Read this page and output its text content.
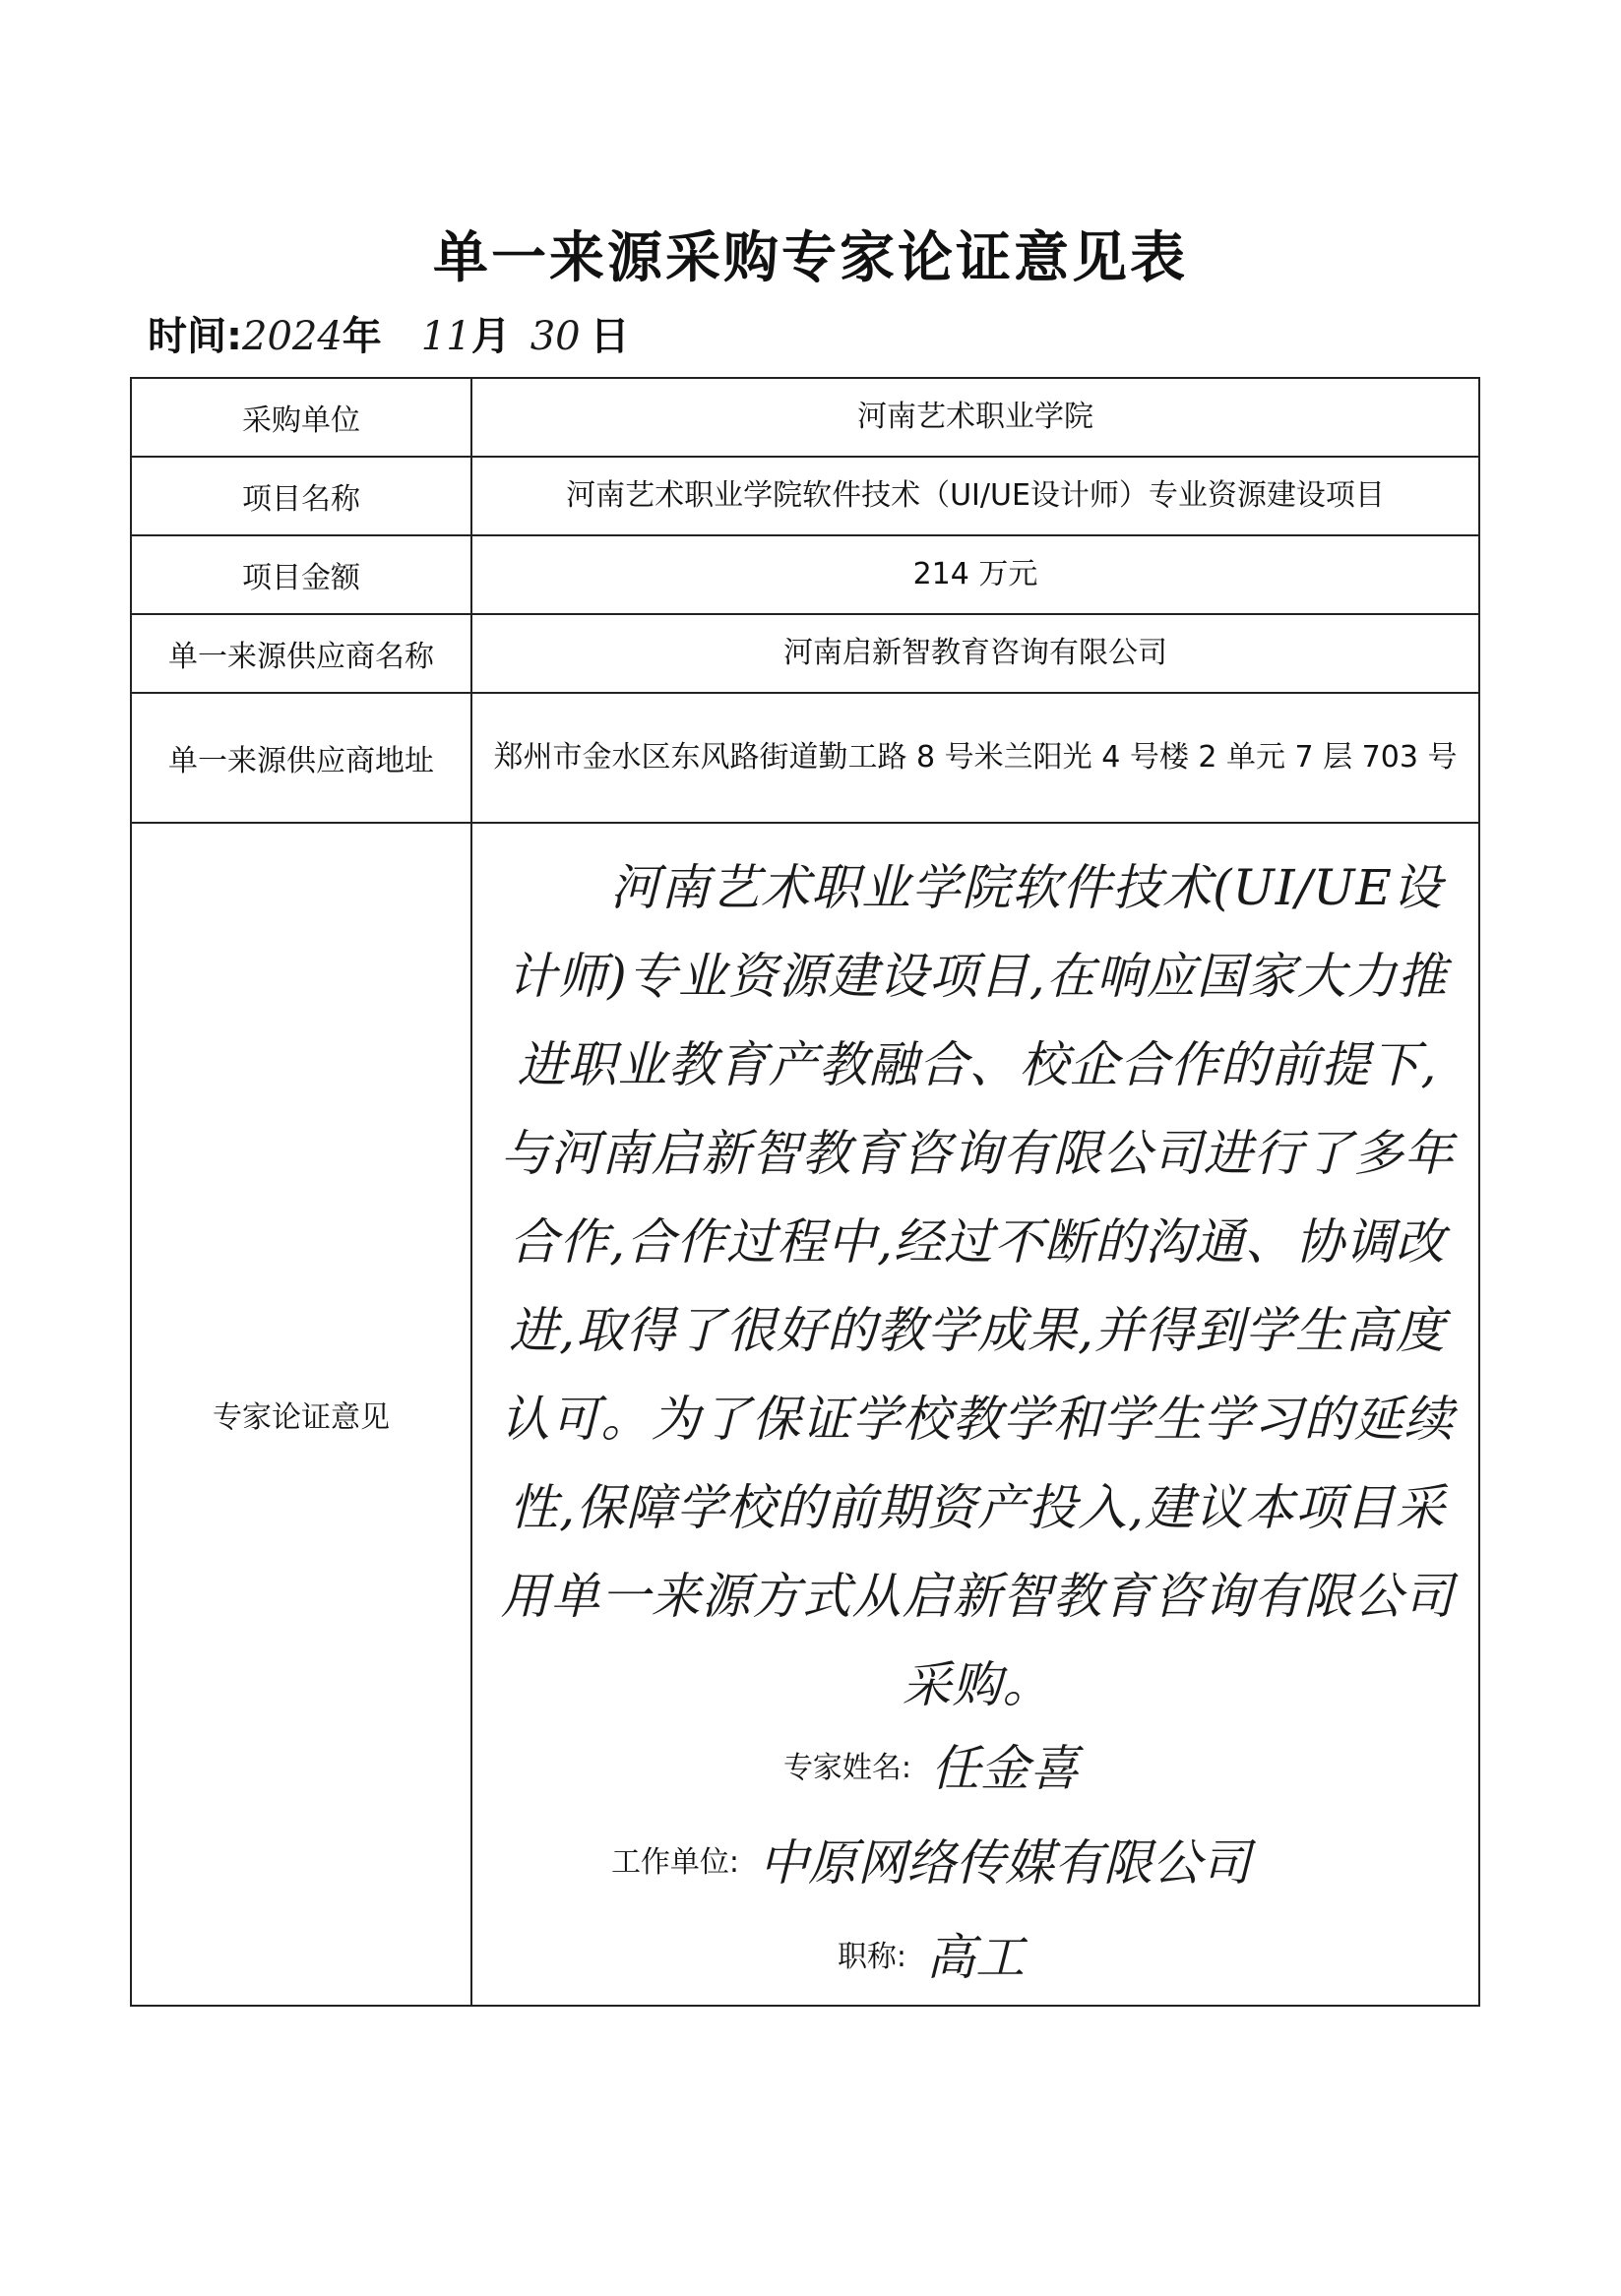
单一来源采购专家论证意见表
时间:2024年 11月 30 日
采购单位	河南艺术职业学院
项目名称	河南艺术职业学院软件技术（UI/UE设计师）专业资源建设项目
项目金额	214 万元
单一来源供应商名称	河南启新智教育咨询有限公司
单一来源供应商地址	郑州市金水区东风路街道勤工路 8 号米兰阳光 4 号楼 2 单元 7 层 703 号
专家论证意见	河南艺术职业学院软件技术(UI/UE设计师)专业资源建设项目,在响应国家大力推进职业教育产教融合、校企合作的前提下,与河南启新智教育咨询有限公司进行了多年合作,合作过程中,经过不断的沟通、协调改进,取得了很好的教学成果,并得到学生高度认可。为了保证学校教学和学生学习的延续性,保障学校的前期资产投入,建议本项目采用单一来源方式从启新智教育咨询有限公司采购。
专家姓名: 任金喜
工作单位: 中原网络传媒有限公司
职称: 高工
